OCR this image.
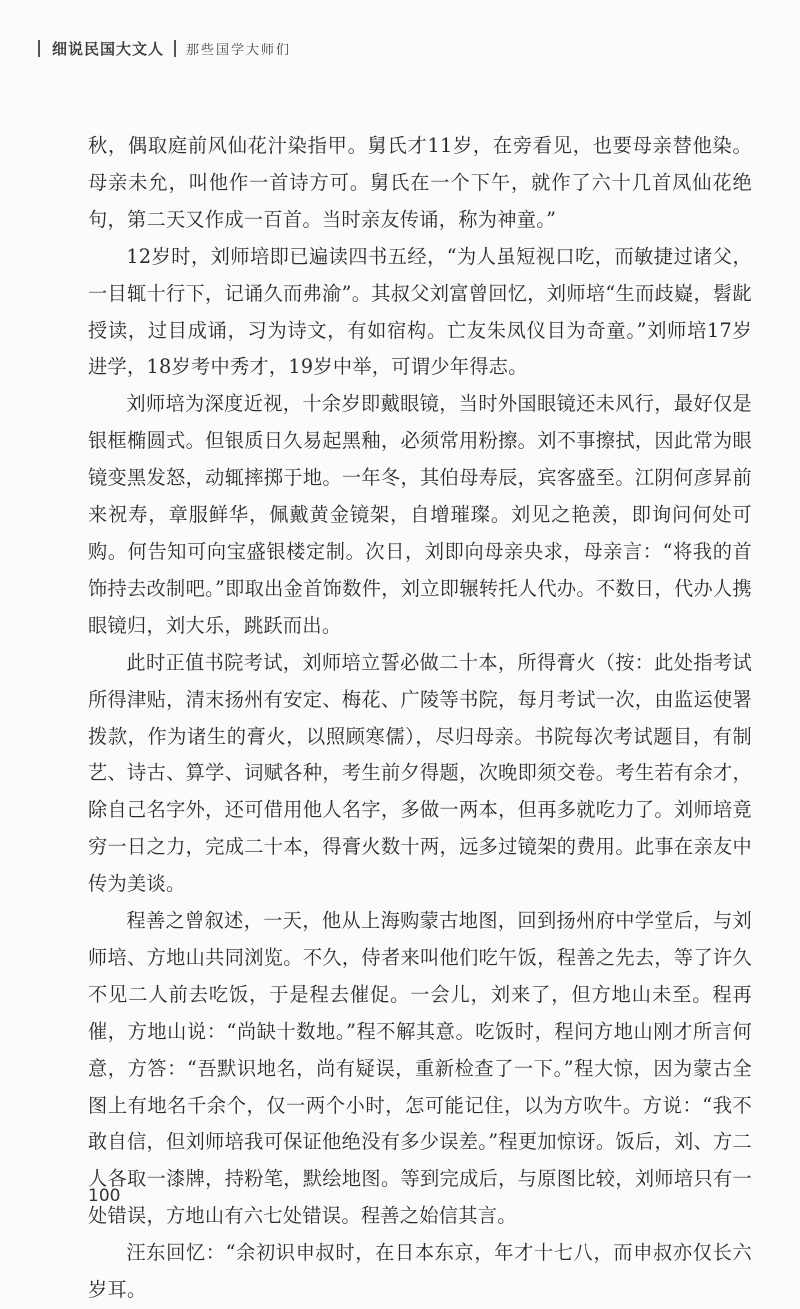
细说民国大文人 那些国学大师们

秋，偶取庭前风仙花汁染指甲。舅氏才11岁，在旁看见，也要母亲替他染。母亲未允，叫他作一首诗方可。舅氏在一个下午，就作了六十几首凤仙花绝句，第二天又作成一百首。当时亲友传诵，称为神童。”

12岁时，刘师培即已遍读四书五经，“为人虽短视口吃，而敏捷过诸父，一目辄十行下，记诵久而弗渝”。其叔父刘富曾回忆，刘师培“生而歧嶷，髫龀授读，过目成诵，习为诗文，有如宿构。亡友朱凤仪目为奇童。”刘师培17岁进学，18岁考中秀才，19岁中举，可谓少年得志。

刘师培为深度近视，十余岁即戴眼镜，当时外国眼镜还未风行，最好仅是银框椭圆式。但银质日久易起黑釉，必须常用粉擦。刘不事擦拭，因此常为眼镜变黑发怒，动辄摔掷于地。一年冬，其伯母寿辰，宾客盛至。江阴何彦昇前来祝寿，章服鲜华，佩戴黄金镜架，自增璀璨。刘见之艳羡，即询问何处可购。何告知可向宝盛银楼定制。次日，刘即向母亲央求，母亲言：“将我的首饰持去改制吧。”即取出金首饰数件，刘立即辗转托人代办。不数日，代办人携眼镜归，刘大乐，跳跃而出。

此时正值书院考试，刘师培立誓必做二十本，所得膏火（按：此处指考试所得津贴，清末扬州有安定、梅花、广陵等书院，每月考试一次，由监运使署拨款，作为诸生的膏火，以照顾寒儒），尽归母亲。书院每次考试题目，有制艺、诗古、算学、词赋各种，考生前夕得题，次晚即须交卷。考生若有余才，除自己名字外，还可借用他人名字，多做一两本，但再多就吃力了。刘师培竟穷一日之力，完成二十本，得膏火数十两，远多过镜架的费用。此事在亲友中传为美谈。

程善之曾叙述，一天，他从上海购蒙古地图，回到扬州府中学堂后，与刘师培、方地山共同浏览。不久，侍者来叫他们吃午饭，程善之先去，等了许久不见二人前去吃饭，于是程去催促。一会儿，刘来了，但方地山未至。程再催，方地山说：“尚缺十数地。”程不解其意。吃饭时，程问方地山刚才所言何意，方答：“吾默识地名，尚有疑误，重新检查了一下。”程大惊，因为蒙古全图上有地名千余个，仅一两个小时，怎可能记住，以为方吹牛。方说：“我不敢自信，但刘师培我可保证他绝没有多少误差。”程更加惊讶。饭后，刘、方二人各取一漆牌，持粉笔，默绘地图。等到完成后，与原图比较，刘师培只有一处错误，方地山有六七处错误。程善之始信其言。

汪东回忆：“余初识申叔时，在日本东京，年才十七八，而申叔亦仅长六岁耳。

100
